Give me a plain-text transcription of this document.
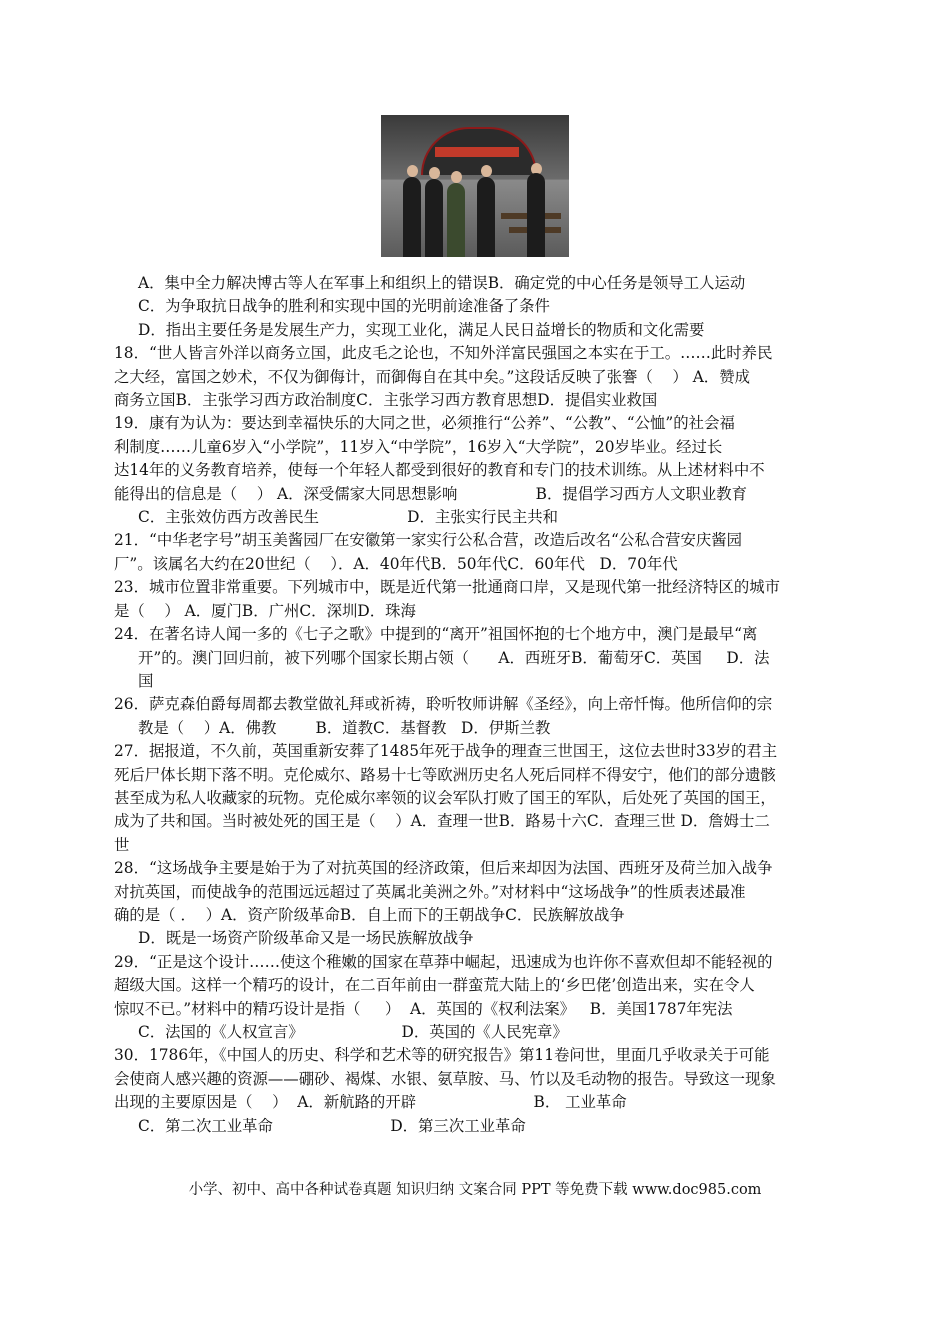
A．集中全力解决博古等人在军事上和组织上的错误B．确定党的中心任务是领导工人运动

C．为争取抗日战争的胜利和实现中国的光明前途准备了条件

D．指出主要任务是发展生产力，实现工业化，满足人民日益增长的物质和文化需要

18．“世人皆言外洋以商务立国，此皮毛之论也，不知外洋富民强国之本实在于工。……此时养民

之大经，富国之妙术，不仅为御侮计，而御侮自在其中矣。”这段话反映了张謇（    ） A．赞成

商务立国B．主张学习西方政治制度C．主张学习西方教育思想D．提倡实业救国

19．康有为认为：要达到幸福快乐的大同之世，必须推行“公养”、“公教”、“公恤”的社会福

利制度……儿童6岁入“小学院”，11岁入“中学院”，16岁入“大学院”，20岁毕业。经过长

达14年的义务教育培养，使每一个年轻人都受到很好的教育和专门的技术训练。从上述材料中不

能得出的信息是（    ） A．深受儒家大同思想影响                B．提倡学习西方人文职业教育

C．主张效仿西方改善民生                  D．主张实行民主共和

21．“中华老字号”胡玉美酱园厂在安徽第一家实行公私合营，改造后改名“公私合营安庆酱园

厂”。该属名大约在20世纪（    ）．A．40年代B．50年代C．60年代   D．70年代

23．城市位置非常重要。下列城市中，既是近代第一批通商口岸，又是现代第一批经济特区的城市

是（    ） A．厦门B．广州C．深圳D．珠海

24．在著名诗人闻一多的《七子之歌》中提到的“离开”祖国怀抱的七个地方中，澳门是最早“离

开”的。澳门回归前，被下列哪个国家长期占领（      A．西班牙B．葡萄牙C．英国     D．法

国

26．萨克森伯爵每周都去教堂做礼拜或祈祷，聆听牧师讲解《圣经》，向上帝忏悔。他所信仰的宗

教是（    ）A．佛教        B．道教C．基督教   D．伊斯兰教

27．据报道，不久前，英国重新安葬了1485年死于战争的理查三世国王，这位去世时33岁的君主

死后尸体长期下落不明。克伦威尔、路易十七等欧洲历史名人死后同样不得安宁，他们的部分遗骸

甚至成为私人收藏家的玩物。克伦威尔率领的议会军队打败了国王的军队，后处死了英国的国王，

成为了共和国。当时被处死的国王是（    ）A．查理一世B．路易十六C．查理三世 D．詹姆士二

世

28．“这场战争主要是始于为了对抗英国的经济政策，但后来却因为法国、西班牙及荷兰加入战争

对抗英国，而使战争的范围远远超过了英属北美洲之外。”对材料中“这场战争”的性质表述最准

确的是（ ．  ）A．资产阶级革命B．自上而下的王朝战争C．民族解放战争

D．既是一场资产阶级革命又是一场民族解放战争

29．“正是这个设计……使这个稚嫩的国家在草莽中崛起，迅速成为也许你不喜欢但却不能轻视的

超级大国。这样一个精巧的设计，在二百年前由一群蛮荒大陆上的‘乡巴佬’创造出来，实在令人

惊叹不已。”材料中的精巧设计是指（     ）  A．英国的《权利法案》   B．美国1787年宪法

C．法国的《人权宣言》                    D．英国的《人民宪章》

30．1786年，《中国人的历史、科学和艺术等的研究报告》第11卷问世，里面几乎收录关于可能

会使商人感兴趣的资源——硼砂、褐煤、水银、氨草胺、马、竹以及毛动物的报告。导致这一现象

出现的主要原因是（    ）  A．新航路的开辟                        B． 工业革命

C．第二次工业革命                        D．第三次工业革命

小学、初中、高中各种试卷真题 知识归纳 文案合同 PPT 等免费下载 www.doc985.com
